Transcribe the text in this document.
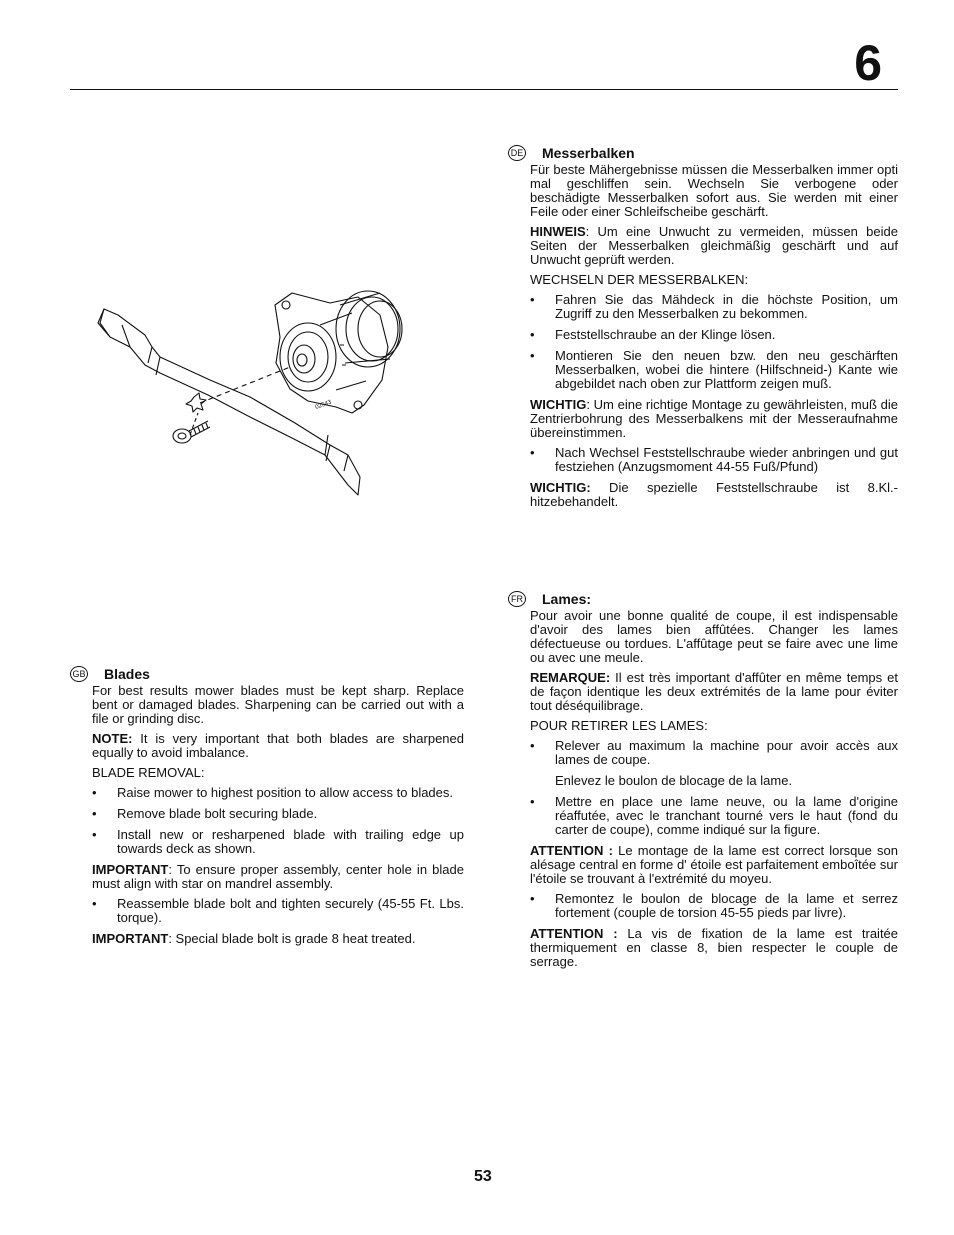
6
02543
DE Messerbalken

Für beste Mähergebnisse müssen die Messerbalken immer opti mal geschliffen sein. Wechseln Sie verbogene oder beschädigte Messerbalken sofort aus. Sie werden mit einer Feile oder einer Schleifscheibe geschärft.

HINWEIS: Um eine Unwucht zu vermeiden, müssen beide Seiten der Messerbalken gleichmäßig geschärft und auf Unwucht geprüft werden.

WECHSELN DER MESSERBALKEN:

• Fahren Sie das Mähdeck in die höchste Position, um Zugriff zu den Messerbalken zu bekommen.
• Feststellschraube an der Klinge lösen.
• Montieren Sie den neuen bzw. den neu geschärften Messerbalken, wobei die hintere (Hilfschneid-) Kante wie abgebildet nach oben zur Plattform zeigen muß.

WICHTIG: Um eine richtige Montage zu gewährleisten, muß die Zentrierbohrung des Messerbalkens mit der Messeraufnahme übereinstimmen.

• Nach Wechsel Feststellschraube wieder anbringen und gut festziehen (Anzugsmoment 44-55 Fuß/Pfund)

WICHTIG: Die spezielle Feststellschraube ist 8.Kl.- hitzebehandelt.

FR Lames:

Pour avoir une bonne qualité de coupe, il est indispensable d'avoir des lames bien affûtées. Changer les lames défectueuse ou tordues. L'affûtage peut se faire avec une lime ou avec une meule.

REMARQUE: Il est très important d'affûter en même temps et de façon identique les deux extrémités de la lame pour éviter tout déséquilibrage.

POUR RETIRER LES LAMES:

• Relever au maximum la machine pour avoir accès aux lames de coupe.
Enlevez le boulon de blocage de la lame.
• Mettre en place une lame neuve, ou la lame d'origine réaffutée, avec le tranchant tourné vers le haut (fond du carter de coupe), comme indiqué sur la figure.

ATTENTION : Le montage de la lame est correct lorsque son alésage central en forme d' étoile est parfaitement emboîtée sur l'étoile se trouvant à l'extrémité du moyeu.

• Remontez le boulon de blocage de la lame et serrez fortement (couple de torsion 45-55 pieds par livre).

ATTENTION : La vis de fixation de la lame est traitée thermiquement en classe 8, bien respecter le couple de serrage.

GB Blades

For best results mower blades must be kept sharp. Replace bent or damaged blades. Sharpening can be carried out with a file or grinding disc.

NOTE: It is very important that both blades are sharpened equally to avoid imbalance.

BLADE REMOVAL:

• Raise mower to highest position to allow access to blades.
• Remove blade bolt securing blade.
• Install new or resharpened blade with trailing edge up towards deck as shown.

IMPORTANT: To ensure proper assembly, center hole in blade must align with star on mandrel assembly.

• Reassemble blade bolt and tighten securely (45-55 Ft. Lbs. torque).

IMPORTANT: Special blade bolt is grade 8 heat treated.

53
